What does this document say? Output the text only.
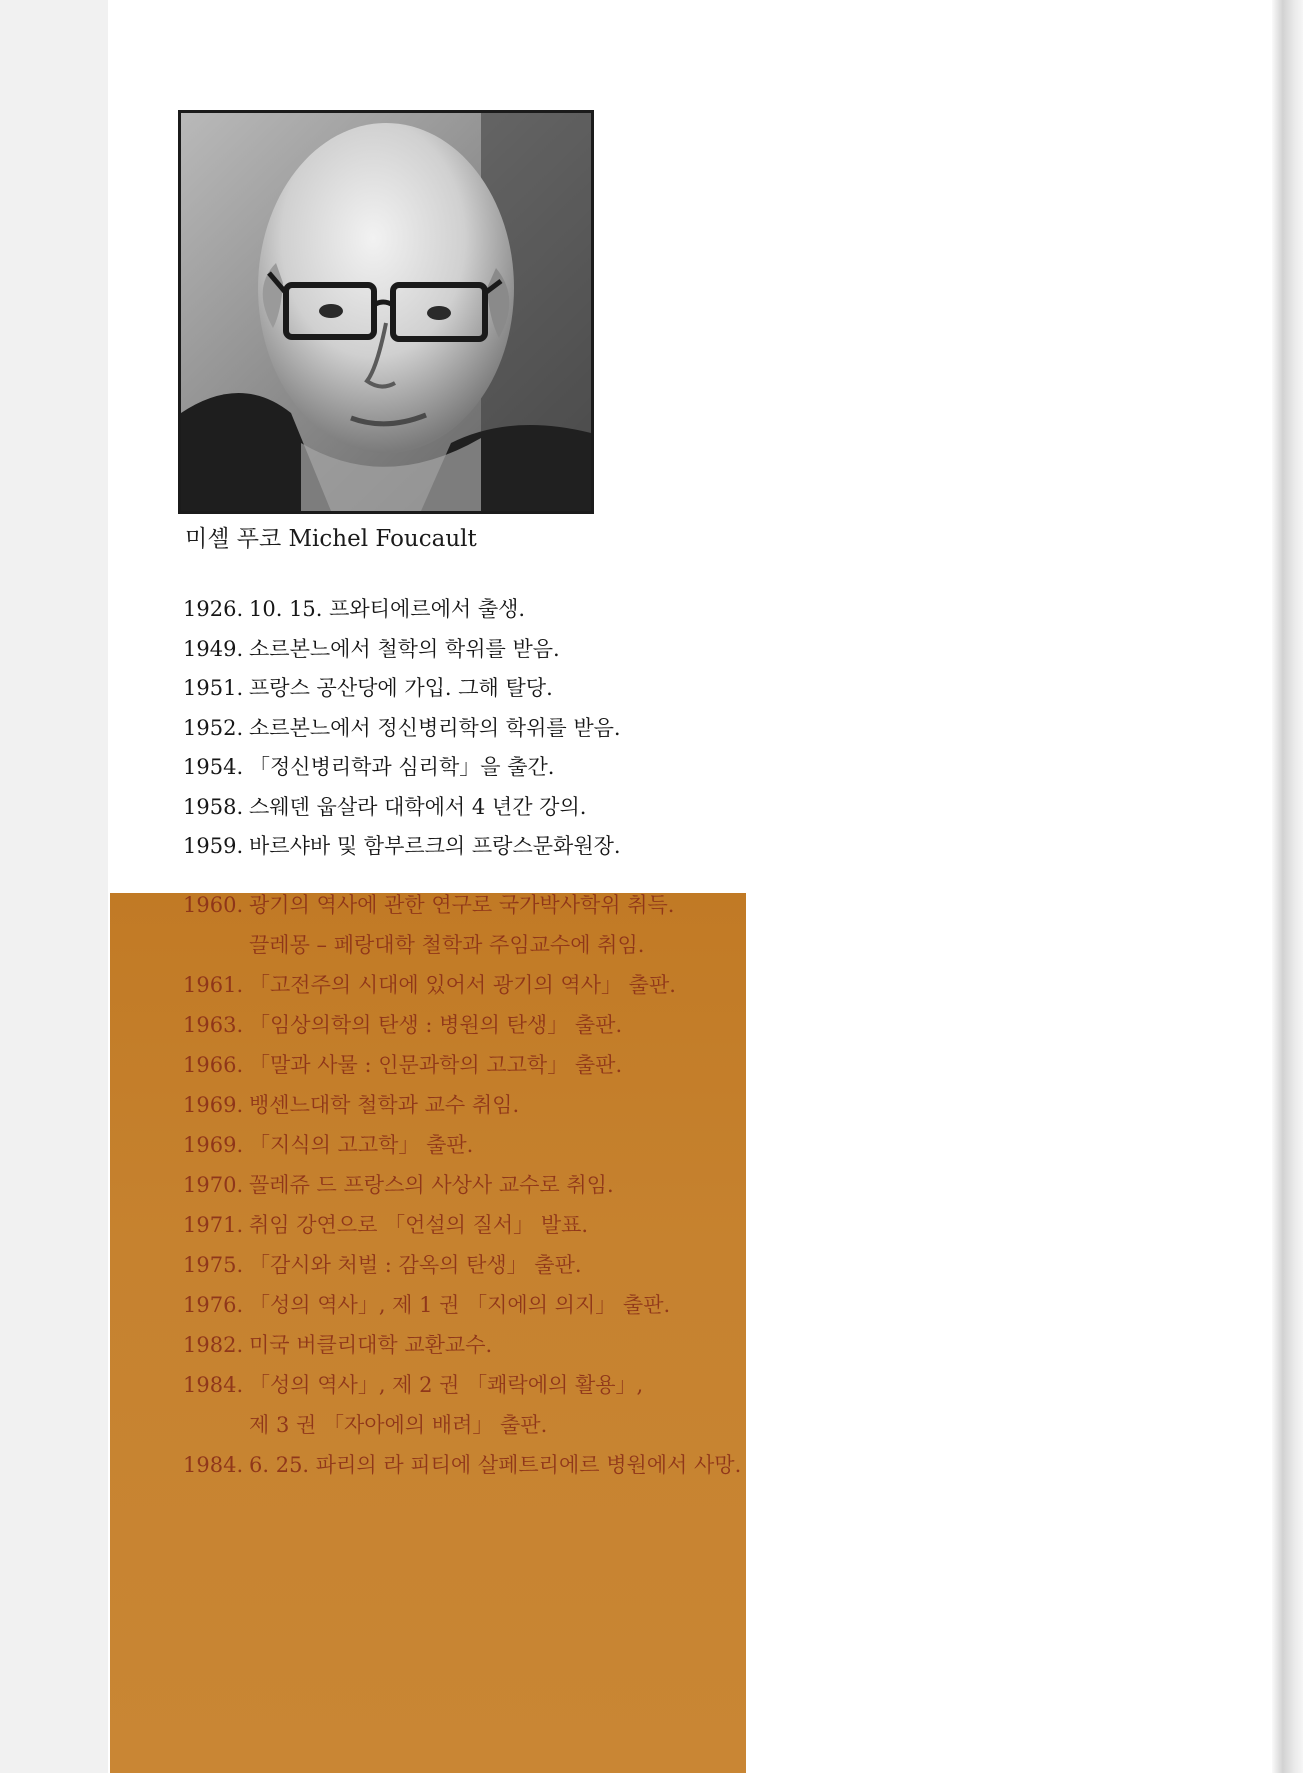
미셸 푸코 Michel Foucault
1926. 10. 15. 프와티에르에서 출생.
1949. 소르본느에서 철학의 학위를 받음.
1951. 프랑스 공산당에 가입. 그해 탈당.
1952. 소르본느에서 정신병리학의 학위를 받음.
1954. 「정신병리학과 심리학」을 출간.
1958. 스웨덴 웁살라 대학에서 4 년간 강의.
1959. 바르샤바 및 함부르크의 프랑스문화원장.
1960. 광기의 역사에 관한 연구로 국가박사학위 취득.
끌레몽 – 페랑대학 철학과 주임교수에 취임.
1961. 「고전주의 시대에 있어서 광기의 역사」 출판.
1963. 「임상의학의 탄생 : 병원의 탄생」 출판.
1966. 「말과 사물 : 인문과학의 고고학」 출판.
1969. 뱅센느대학 철학과 교수 취임.
1969. 「지식의 고고학」 출판.
1970. 꼴레쥬 드 프랑스의 사상사 교수로 취임.
1971. 취임 강연으로 「언설의 질서」 발표.
1975. 「감시와 처벌 : 감옥의 탄생」 출판.
1976. 「성의 역사」, 제 1 권 「지에의 의지」 출판.
1982. 미국 버클리대학 교환교수.
1984. 「성의 역사」, 제 2 권 「쾌락에의 활용」,
제 3 권 「자아에의 배려」 출판.
1984. 6. 25. 파리의 라 피티에 살페트리에르 병원에서 사망.
